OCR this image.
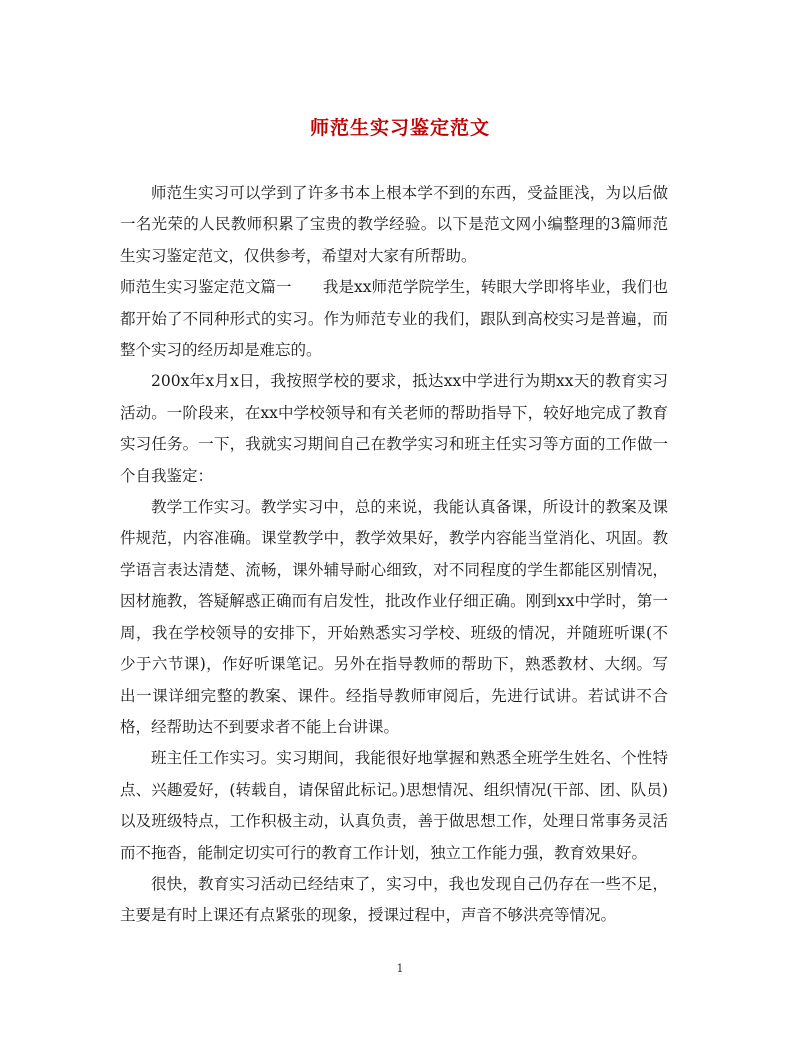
师范生实习鉴定范文

师范生实习可以学到了许多书本上根本学不到的东西，受益匪浅，为以后做一名光荣的人民教师积累了宝贵的教学经验。以下是范文网小编整理的3篇师范生实习鉴定范文，仅供参考，希望对大家有所帮助。

师范生实习鉴定范文篇一　　我是xx师范学院学生，转眼大学即将毕业，我们也都开始了不同种形式的实习。作为师范专业的我们，跟队到高校实习是普遍，而整个实习的经历却是难忘的。

200x年x月x日，我按照学校的要求，抵达xx中学进行为期xx天的教育实习活动。一阶段来，在xx中学校领导和有关老师的帮助指导下，较好地完成了教育实习任务。一下，我就实习期间自己在教学实习和班主任实习等方面的工作做一个自我鉴定：

教学工作实习。教学实习中，总的来说，我能认真备课，所设计的教案及课件规范，内容准确。课堂教学中，教学效果好，教学内容能当堂消化、巩固。教学语言表达清楚、流畅，课外辅导耐心细致，对不同程度的学生都能区别情况，因材施教，答疑解惑正确而有启发性，批改作业仔细正确。刚到xx中学时，第一周，我在学校领导的安排下，开始熟悉实习学校、班级的情况，并随班听课(不少于六节课)，作好听课笔记。另外在指导教师的帮助下，熟悉教材、大纲。写出一课详细完整的教案、课件。经指导教师审阅后，先进行试讲。若试讲不合格，经帮助达不到要求者不能上台讲课。

班主任工作实习。实习期间，我能很好地掌握和熟悉全班学生姓名、个性特点、兴趣爱好，(转载自，请保留此标记。)思想情况、组织情况(干部、团、队员)以及班级特点，工作积极主动，认真负责，善于做思想工作，处理日常事务灵活而不拖沓，能制定切实可行的教育工作计划，独立工作能力强，教育效果好。

很快，教育实习活动已经结束了，实习中，我也发现自己仍存在一些不足，主要是有时上课还有点紧张的现象，授课过程中，声音不够洪亮等情况。

1
